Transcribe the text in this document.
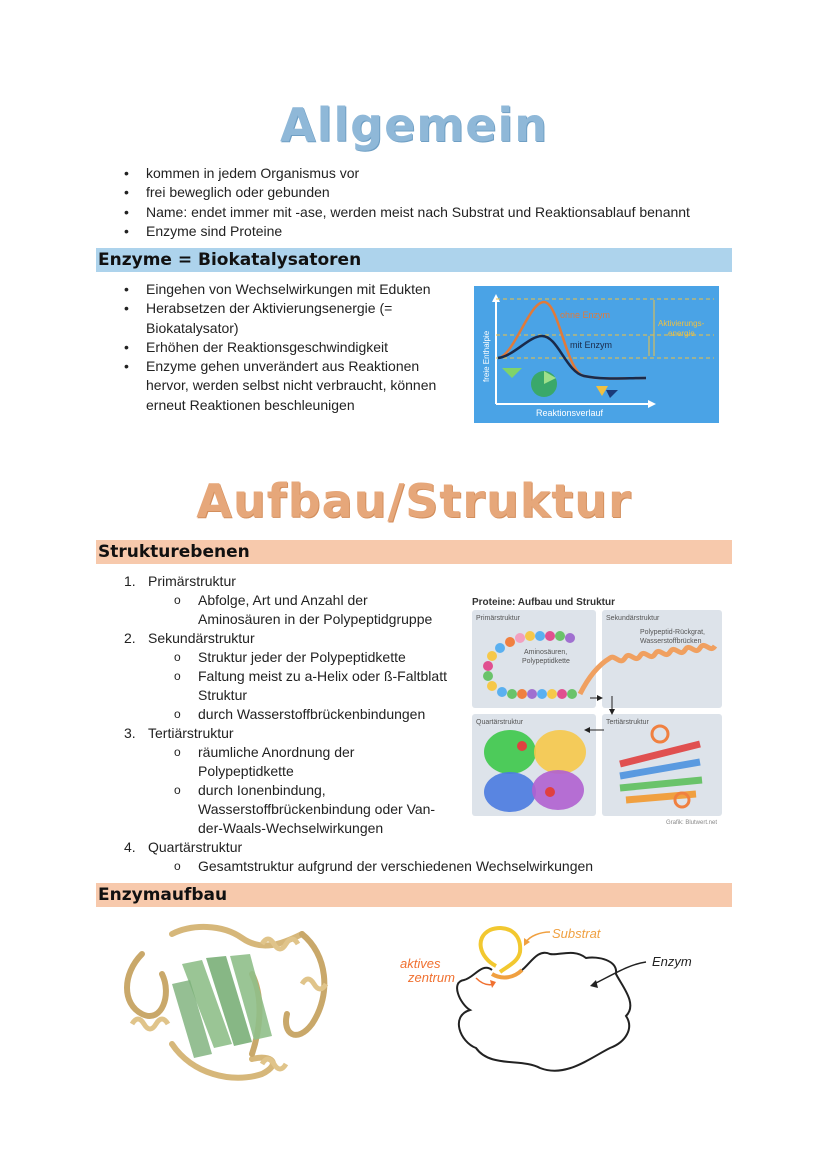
Allgemein
• kommen in jedem Organismus vor
• frei beweglich oder gebunden
• Name: endet immer mit -ase, werden meist nach Substrat und Reaktionsablauf benannt
• Enzyme sind Proteine
Enzyme = Biokatalysatoren
• Eingehen von Wechselwirkungen mit Edukten
• Herabsetzen der Aktivierungsenergie (= Biokatalysator)
• Erhöhen der Reaktionsgeschwindigkeit
• Enzyme gehen unverändert aus Reaktionen hervor, werden selbst nicht verbraucht, können erneut Reaktionen beschleunigen
ohne Enzym
mit Enzym
Aktivierungs-
energie
freie Enthalpie
Reaktionsverlauf
Aufbau/Struktur
Strukturebenen
1. Primärstruktur
o Abfolge, Art und Anzahl der Aminosäuren in der Polypeptidgruppe
2. Sekundärstruktur
o Struktur jeder der Polypeptidkette
o Faltung meist zu a-Helix oder ß-Faltblatt Struktur
o durch Wasserstoffbrückenbindungen
3. Tertiärstruktur
o räumliche Anordnung der Polypeptidkette
o durch Ionenbindung, Wasserstoffbrückenbindung oder Van-der-Waals-Wechselwirkungen
4. Quartärstruktur
o Gesamtstruktur aufgrund der verschiedenen Wechselwirkungen
Proteine: Aufbau und Struktur
Primärstruktur	Sekundärstruktur
Quartärstruktur	Tertiärstruktur
Aminosäuren,
Polypeptidkette
Polypeptid-Rückgrat,
Wasserstoffbrücken
Grafik: Blutwert.net
Enzymaufbau
Substrat
aktives
zentrum
Enzym
